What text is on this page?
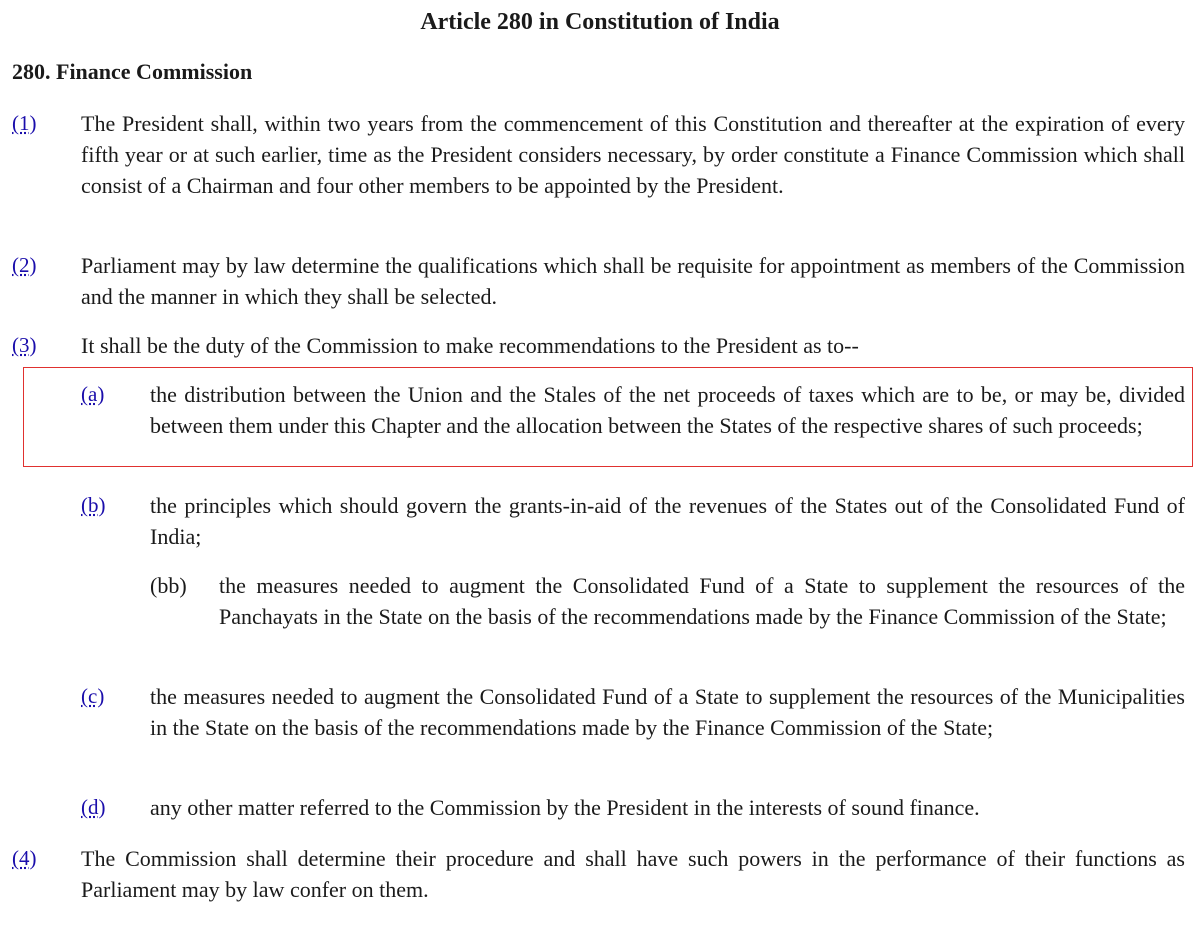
Article 280 in Constitution of India
280. Finance Commission
(1) The President shall, within two years from the commencement of this Constitution and thereafter at the expiration of every fifth year or at such earlier, time as the President considers necessary, by order constitute a Finance Commission which shall consist of a Chairman and four other members to be appointed by the President.
(2) Parliament may by law determine the qualifications which shall be requisite for appointment as members of the Commission and the manner in which they shall be selected.
(3) It shall be the duty of the Commission to make recommendations to the President as to--
(a) the distribution between the Union and the Stales of the net proceeds of taxes which are to be, or may be, divided between them under this Chapter and the allocation between the States of the respective shares of such proceeds;
(b) the principles which should govern the grants-in-aid of the revenues of the States out of the Consolidated Fund of India;
(bb) the measures needed to augment the Consolidated Fund of a State to supplement the resources of the Panchayats in the State on the basis of the recommendations made by the Finance Commission of the State;
(c) the measures needed to augment the Consolidated Fund of a State to supplement the resources of the Municipalities in the State on the basis of the recommendations made by the Finance Commission of the State;
(d) any other matter referred to the Commission by the President in the interests of sound finance.
(4) The Commission shall determine their procedure and shall have such powers in the performance of their functions as Parliament may by law confer on them.
